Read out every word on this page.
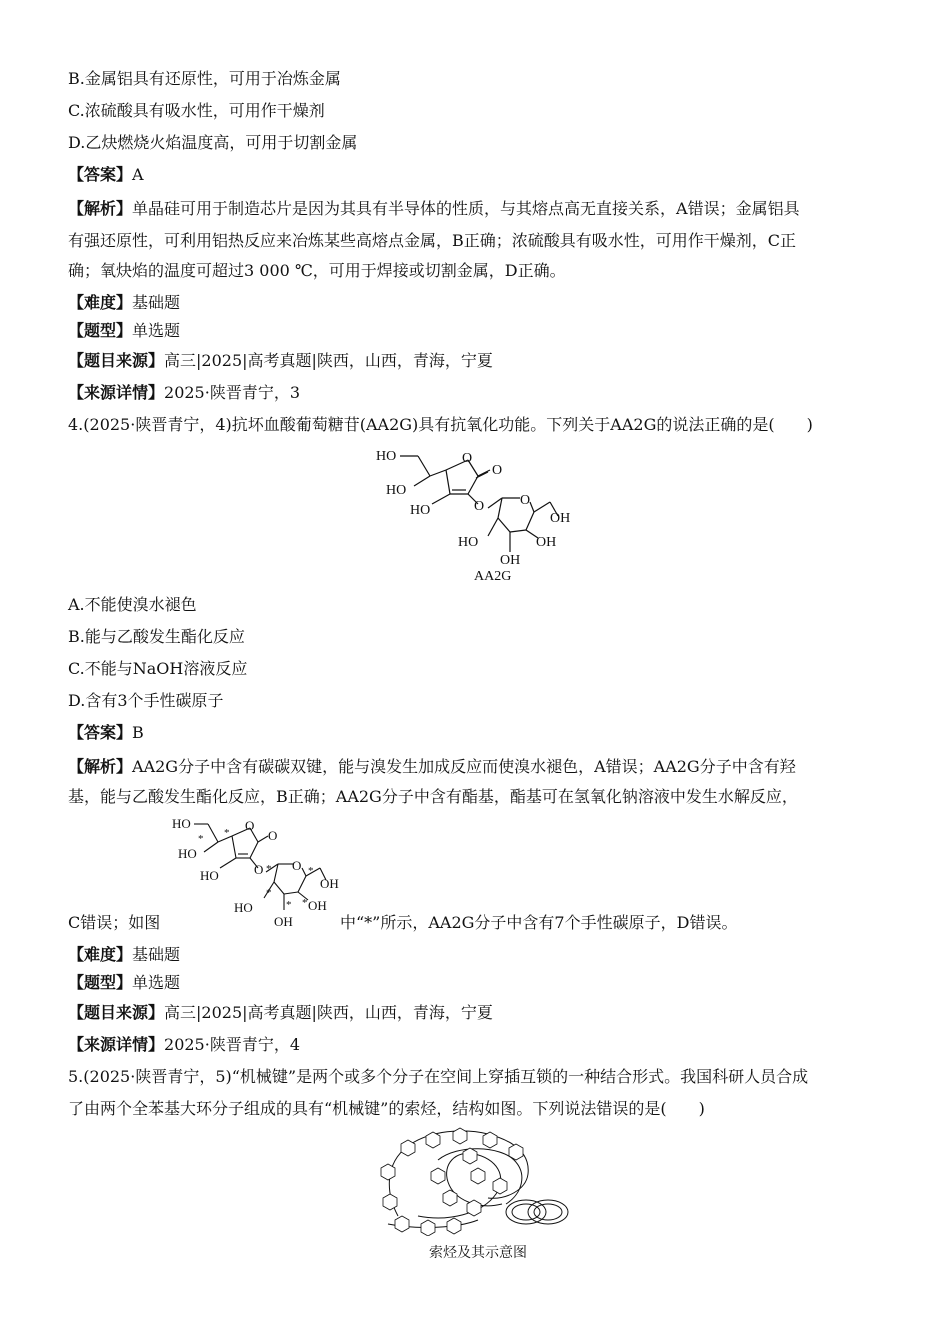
B.金属铝具有还原性，可用于冶炼金属
C.浓硫酸具有吸水性，可用作干燥剂
D.乙炔燃烧火焰温度高，可用于切割金属
【答案】A
【解析】单晶硅可用于制造芯片是因为其具有半导体的性质，与其熔点高无直接关系，A错误；金属铝具
有强还原性，可利用铝热反应来冶炼某些高熔点金属，B正确；浓硫酸具有吸水性，可用作干燥剂，C正
确；氧炔焰的温度可超过3 000 ℃，可用于焊接或切割金属，D正确。
【难度】基础题
【题型】单选题
【题目来源】高三|2025|高考真题|陕西，山西，青海，宁夏
【来源详情】2025·陕晋青宁，3
4.(2025·陕晋青宁，4)抗坏血酸葡萄糖苷(AA2G)具有抗氧化功能。下列关于AA2G的说法正确的是(　　)
HO
HO
O
O
HO	O	O
OH
OH
HO
OH
AA2G
A.不能使溴水褪色
B.能与乙酸发生酯化反应
C.不能与NaOH溶液反应
D.含有3个手性碳原子
【答案】B
【解析】AA2G分子中含有碳碳双键，能与溴发生加成反应而使溴水褪色，A错误；AA2G分子中含有羟
基，能与乙酸发生酯化反应，B正确；AA2G分子中含有酯基，酯基可在氢氧化钠溶液中发生水解反应，
HO
HO
* * O
O
HO	O * O *
OH
* OH
*
HO	*
OH
C错误；如图	中“*”所示，AA2G分子中含有7个手性碳原子，D错误。
【难度】基础题
【题型】单选题
【题目来源】高三|2025|高考真题|陕西，山西，青海，宁夏
【来源详情】2025·陕晋青宁，4
5.(2025·陕晋青宁，5)“机械键”是两个或多个分子在空间上穿插互锁的一种结合形式。我国科研人员合成
了由两个全苯基大环分子组成的具有“机械键”的索烃，结构如图。下列说法错误的是(　　)
索烃及其示意图
